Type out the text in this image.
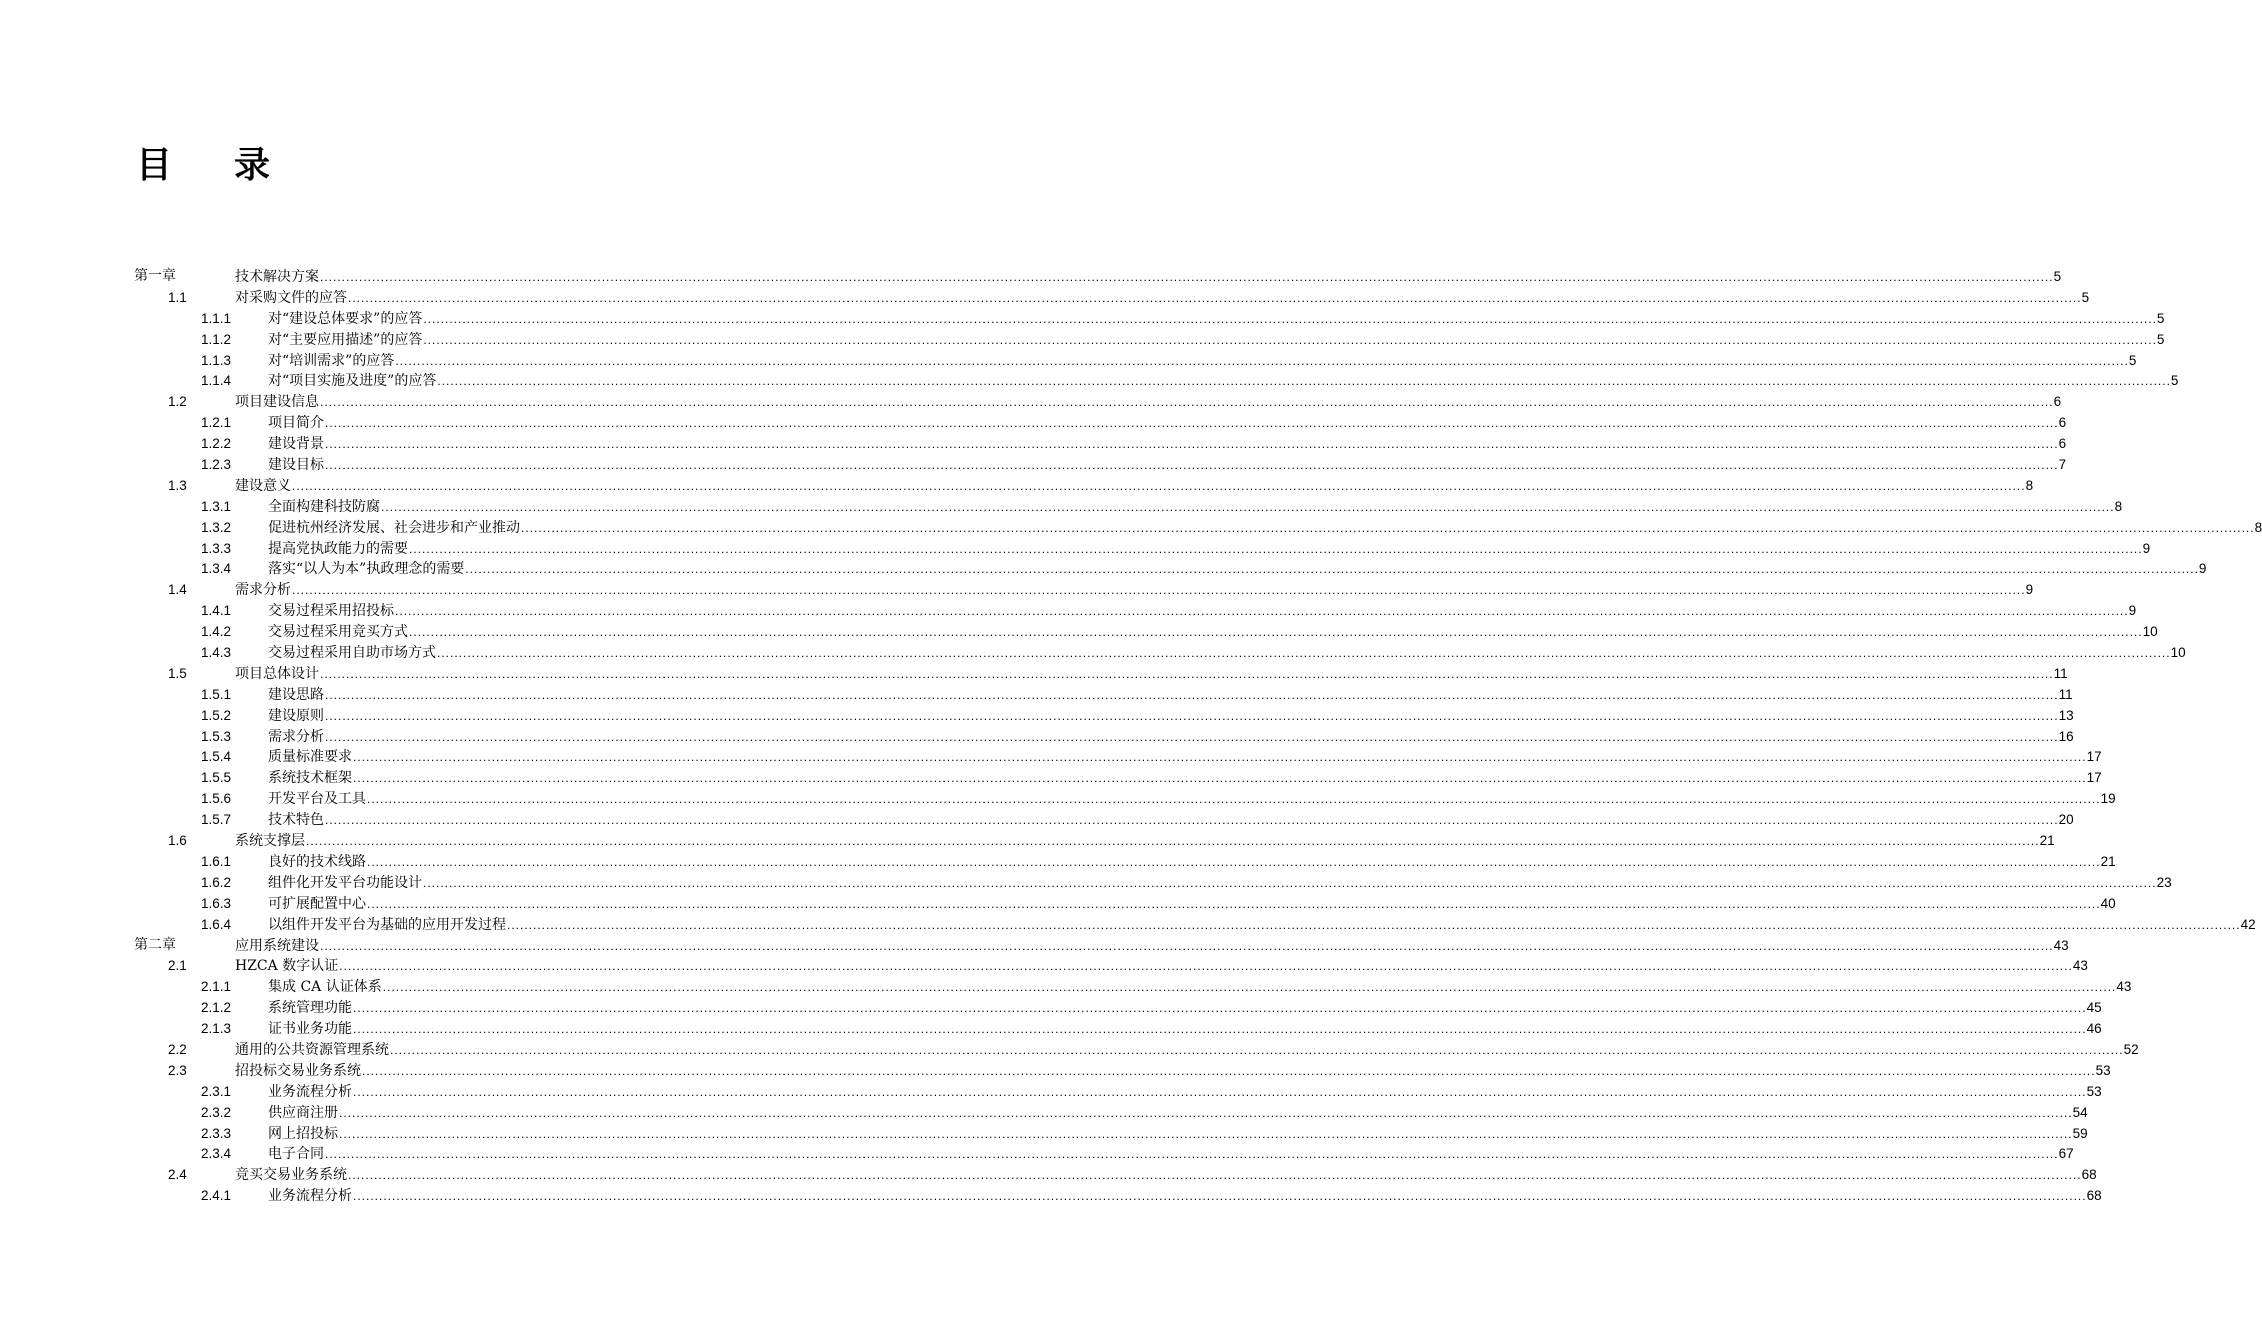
目 录
第一章	技术解决方案 ................................................................................................................................................................................................................................................................................................................................................................................................................ 5
1.1	对采购文件的应答 ................................................................................................................................................................................................................................................................................................................................................................................................................ 5
1.1.1	对“建设总体要求”的应答 ................................................................................................................................................................................................................................................................................................................................................................................................................ 5
1.1.2	对“主要应用描述”的应答 ................................................................................................................................................................................................................................................................................................................................................................................................................ 5
1.1.3	对“培训需求”的应答 ................................................................................................................................................................................................................................................................................................................................................................................................................ 5
1.1.4	对“项目实施及进度”的应答 ................................................................................................................................................................................................................................................................................................................................................................................................................ 5
1.2	项目建设信息 ................................................................................................................................................................................................................................................................................................................................................................................................................ 6
1.2.1	项目简介 ................................................................................................................................................................................................................................................................................................................................................................................................................ 6
1.2.2	建设背景 ................................................................................................................................................................................................................................................................................................................................................................................................................ 6
1.2.3	建设目标 ................................................................................................................................................................................................................................................................................................................................................................................................................ 7
1.3	建设意义 ................................................................................................................................................................................................................................................................................................................................................................................................................ 8
1.3.1	全面构建科技防腐 ................................................................................................................................................................................................................................................................................................................................................................................................................ 8
1.3.2	促进杭州经济发展、社会进步和产业推动 ................................................................................................................................................................................................................................................................................................................................................................................................................ 8
1.3.3	提高党执政能力的需要 ................................................................................................................................................................................................................................................................................................................................................................................................................ 9
1.3.4	落实“以人为本”执政理念的需要 ................................................................................................................................................................................................................................................................................................................................................................................................................ 9
1.4	需求分析 ................................................................................................................................................................................................................................................................................................................................................................................................................ 9
1.4.1	交易过程采用招投标 ................................................................................................................................................................................................................................................................................................................................................................................................................ 9
1.4.2	交易过程采用竞买方式 ................................................................................................................................................................................................................................................................................................................................................................................................................ 10
1.4.3	交易过程采用自助市场方式 ................................................................................................................................................................................................................................................................................................................................................................................................................ 10
1.5	项目总体设计 ................................................................................................................................................................................................................................................................................................................................................................................................................ 11
1.5.1	建设思路 ................................................................................................................................................................................................................................................................................................................................................................................................................ 11
1.5.2	建设原则 ................................................................................................................................................................................................................................................................................................................................................................................................................ 13
1.5.3	需求分析 ................................................................................................................................................................................................................................................................................................................................................................................................................ 16
1.5.4	质量标准要求 ................................................................................................................................................................................................................................................................................................................................................................................................................ 17
1.5.5	系统技术框架 ................................................................................................................................................................................................................................................................................................................................................................................................................ 17
1.5.6	开发平台及工具 ................................................................................................................................................................................................................................................................................................................................................................................................................ 19
1.5.7	技术特色 ................................................................................................................................................................................................................................................................................................................................................................................................................ 20
1.6	系统支撑层 ................................................................................................................................................................................................................................................................................................................................................................................................................ 21
1.6.1	良好的技术线路 ................................................................................................................................................................................................................................................................................................................................................................................................................ 21
1.6.2	组件化开发平台功能设计 ................................................................................................................................................................................................................................................................................................................................................................................................................ 23
1.6.3	可扩展配置中心 ................................................................................................................................................................................................................................................................................................................................................................................................................ 40
1.6.4	以组件开发平台为基础的应用开发过程 ................................................................................................................................................................................................................................................................................................................................................................................................................ 42
第二章	应用系统建设 ................................................................................................................................................................................................................................................................................................................................................................................................................ 43
2.1	HZCA 数字认证 ................................................................................................................................................................................................................................................................................................................................................................................................................ 43
2.1.1	集成 CA 认证体系 ................................................................................................................................................................................................................................................................................................................................................................................................................ 43
2.1.2	系统管理功能 ................................................................................................................................................................................................................................................................................................................................................................................................................ 45
2.1.3	证书业务功能 ................................................................................................................................................................................................................................................................................................................................................................................................................ 46
2.2	通用的公共资源管理系统 ................................................................................................................................................................................................................................................................................................................................................................................................................ 52
2.3	招投标交易业务系统 ................................................................................................................................................................................................................................................................................................................................................................................................................ 53
2.3.1	业务流程分析 ................................................................................................................................................................................................................................................................................................................................................................................................................ 53
2.3.2	供应商注册 ................................................................................................................................................................................................................................................................................................................................................................................................................ 54
2.3.3	网上招投标 ................................................................................................................................................................................................................................................................................................................................................................................................................ 59
2.3.4	电子合同 ................................................................................................................................................................................................................................................................................................................................................................................................................ 67
2.4	竞买交易业务系统 ................................................................................................................................................................................................................................................................................................................................................................................................................ 68
2.4.1	业务流程分析 ................................................................................................................................................................................................................................................................................................................................................................................................................ 68
